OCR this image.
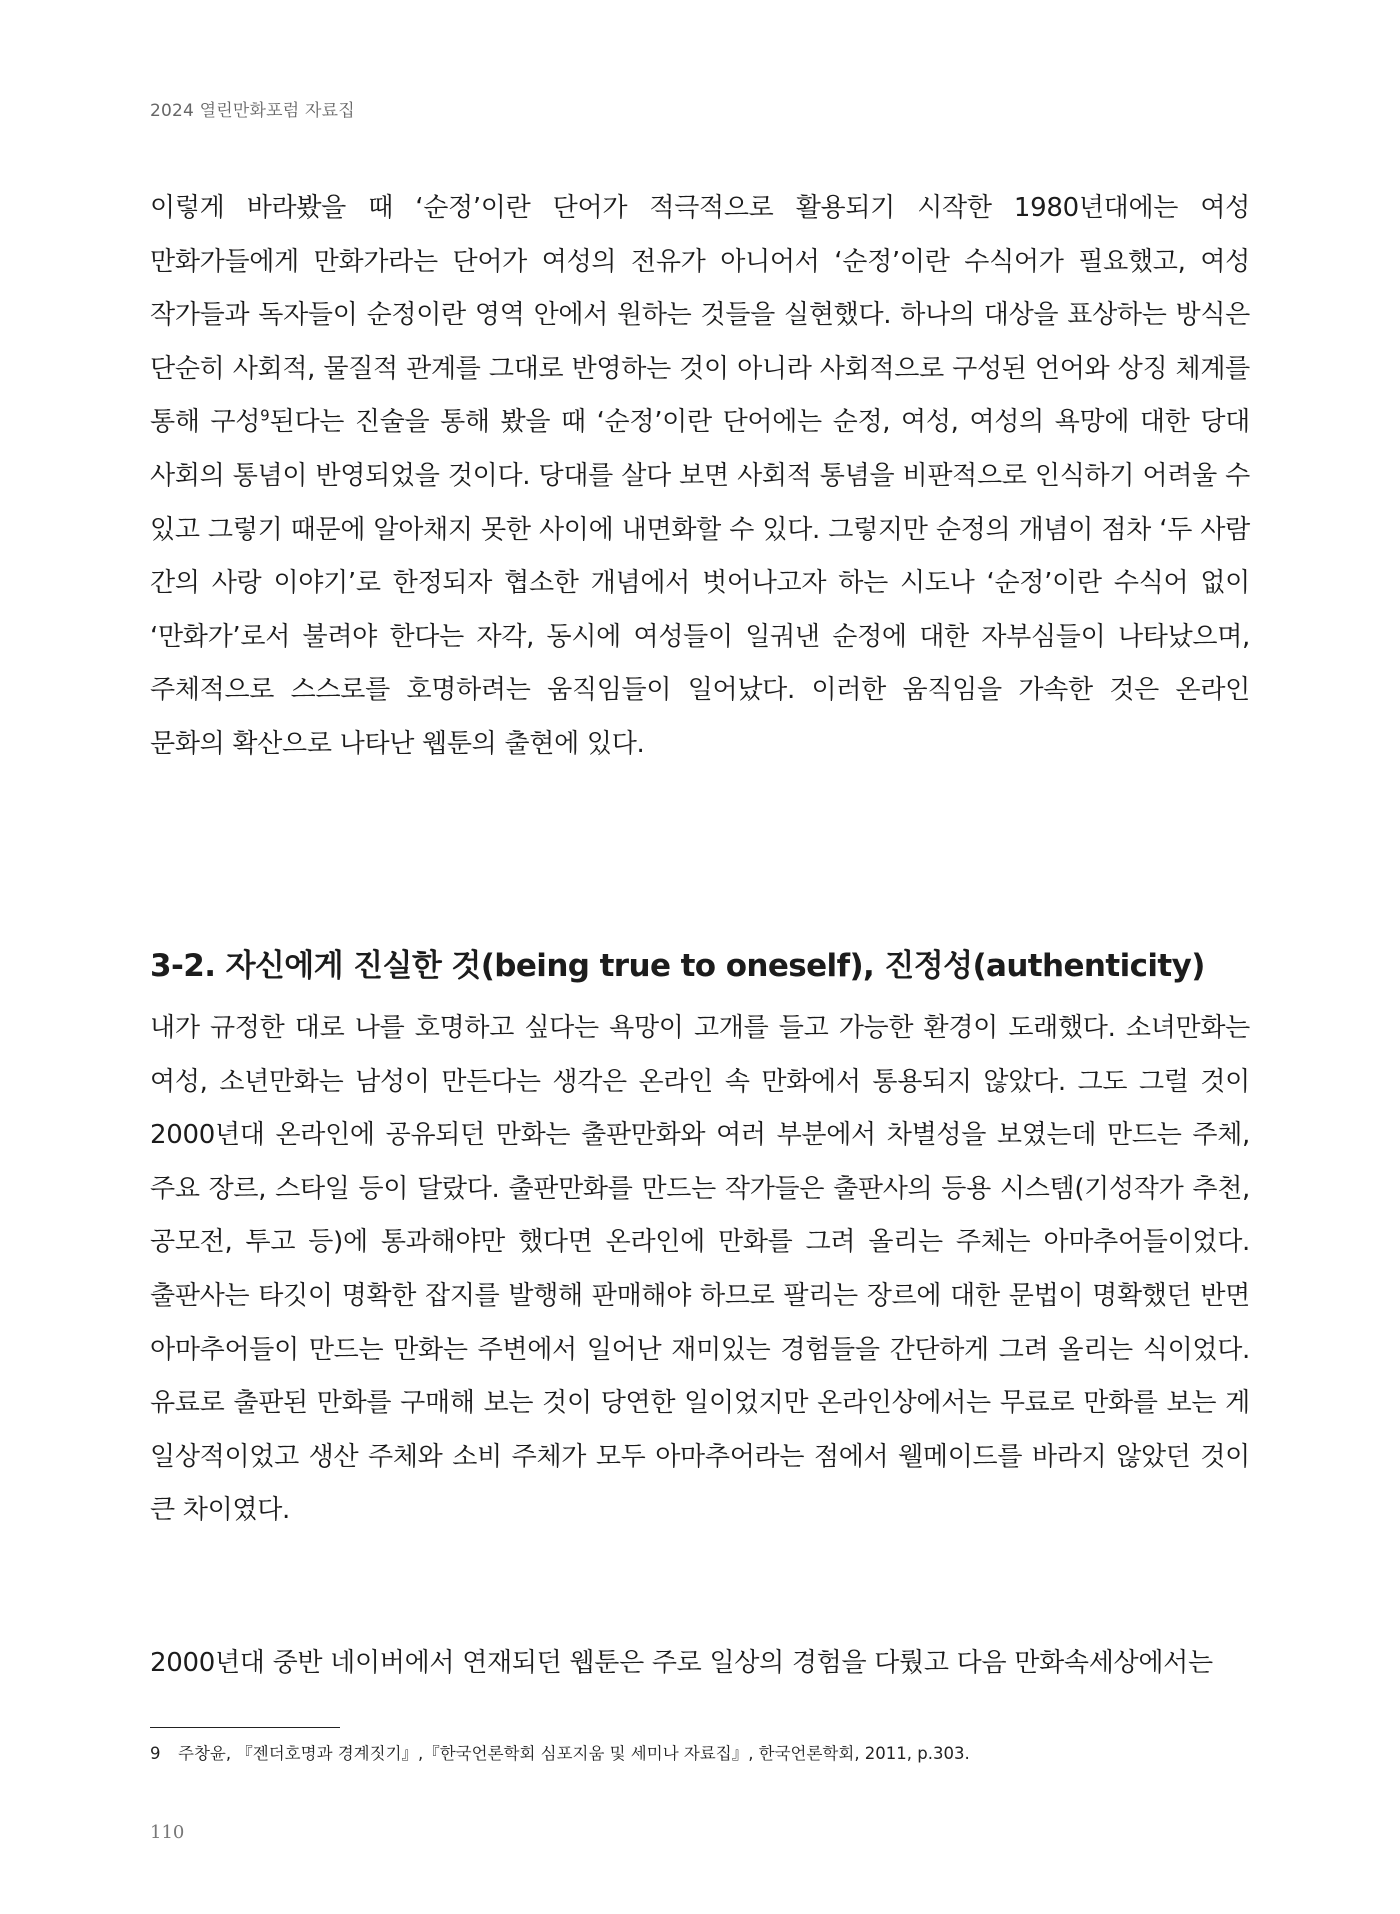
2024 열린만화포럼 자료집

이렇게 바라봤을 때 ‘순정’이란 단어가 적극적으로 활용되기 시작한 1980년대에는 여성 만화가들에게 만화가라는 단어가 여성의 전유가 아니어서 ‘순정’이란 수식어가 필요했고, 여성 작가들과 독자들이 순정이란 영역 안에서 원하는 것들을 실현했다. 하나의 대상을 표상하는 방식은 단순히 사회적, 물질적 관계를 그대로 반영하는 것이 아니라 사회적으로 구성된 언어와 상징 체계를 통해 구성$^9$된다는 진술을 통해 봤을 때 ‘순정’이란 단어에는 순정, 여성, 여성의 욕망에 대한 당대 사회의 통념이 반영되었을 것이다. 당대를 살다 보면 사회적 통념을 비판적으로 인식하기 어려울 수 있고 그렇기 때문에 알아채지 못한 사이에 내면화할 수 있다. 그렇지만 순정의 개념이 점차 ‘두 사람 간의 사랑 이야기’로 한정되자 협소한 개념에서 벗어나고자 하는 시도나 ‘순정’이란 수식어 없이 ‘만화가’로서 불려야 한다는 자각, 동시에 여성들이 일궈낸 순정에 대한 자부심들이 나타났으며, 주체적으로 스스로를 호명하려는 움직임들이 일어났다. 이러한 움직임을 가속한 것은 온라인 문화의 확산으로 나타난 웹툰의 출현에 있다.

3-2. 자신에게 진실한 것(being true to oneself), 진정성(authenticity)

내가 규정한 대로 나를 호명하고 싶다는 욕망이 고개를 들고 가능한 환경이 도래했다. 소녀만화는 여성, 소년만화는 남성이 만든다는 생각은 온라인 속 만화에서 통용되지 않았다. 그도 그럴 것이 2000년대 온라인에 공유되던 만화는 출판만화와 여러 부분에서 차별성을 보였는데 만드는 주체, 주요 장르, 스타일 등이 달랐다. 출판만화를 만드는 작가들은 출판사의 등용 시스템(기성작가 추천, 공모전, 투고 등)에 통과해야만 했다면 온라인에 만화를 그려 올리는 주체는 아마추어들이었다. 출판사는 타깃이 명확한 잡지를 발행해 판매해야 하므로 팔리는 장르에 대한 문법이 명확했던 반면 아마추어들이 만드는 만화는 주변에서 일어난 재미있는 경험들을 간단하게 그려 올리는 식이었다. 유료로 출판된 만화를 구매해 보는 것이 당연한 일이었지만 온라인상에서는 무료로 만화를 보는 게 일상적이었고 생산 주체와 소비 주체가 모두 아마추어라는 점에서 웰메이드를 바라지 않았던 것이 큰 차이였다.

2000년대 중반 네이버에서 연재되던 웹툰은 주로 일상의 경험을 다뤘고 다음 만화속세상에서는

9 주창윤, 『젠더호명과 경계짓기』,『한국언론학회 심포지움 및 세미나 자료집』, 한국언론학회, 2011, p.303.

110
